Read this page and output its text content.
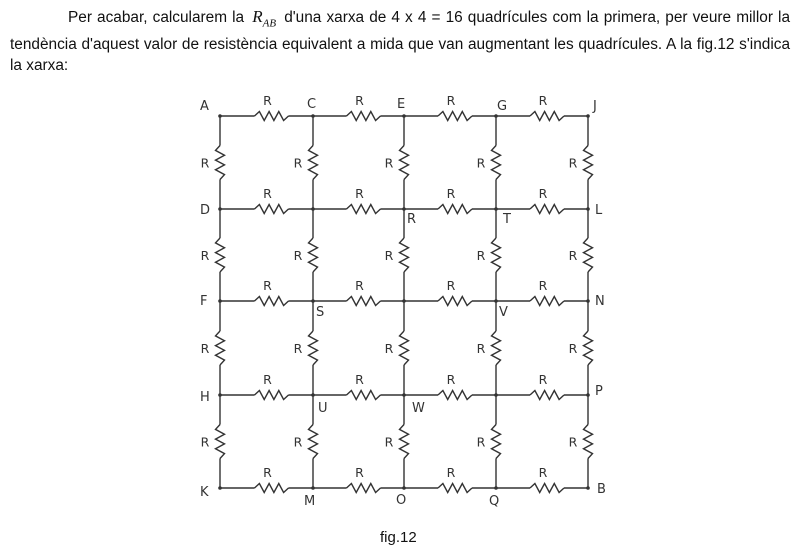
Per acabar, calcularem la $R_{AB}$ d'una xarxa de 4 x 4 = 16 quadrícules com la primera, per veure millor la tendència d'aquest valor de resistència equivalent a mida que van augmentant les quadrícules. A la fig.12 s'indica la xarxa:

R	R	R	R
R	R	R	R
R	R	R	R
R	R	R	R
R	R	R	R
R	R	R	R	R
R	R	R	R	R
R	R	R	R	R
R	R	R	R	R
A	C	E	G	J
D	L
F	N
H	P
K
M	O	Q
B
R	T
S	V
U	W
fig.12
